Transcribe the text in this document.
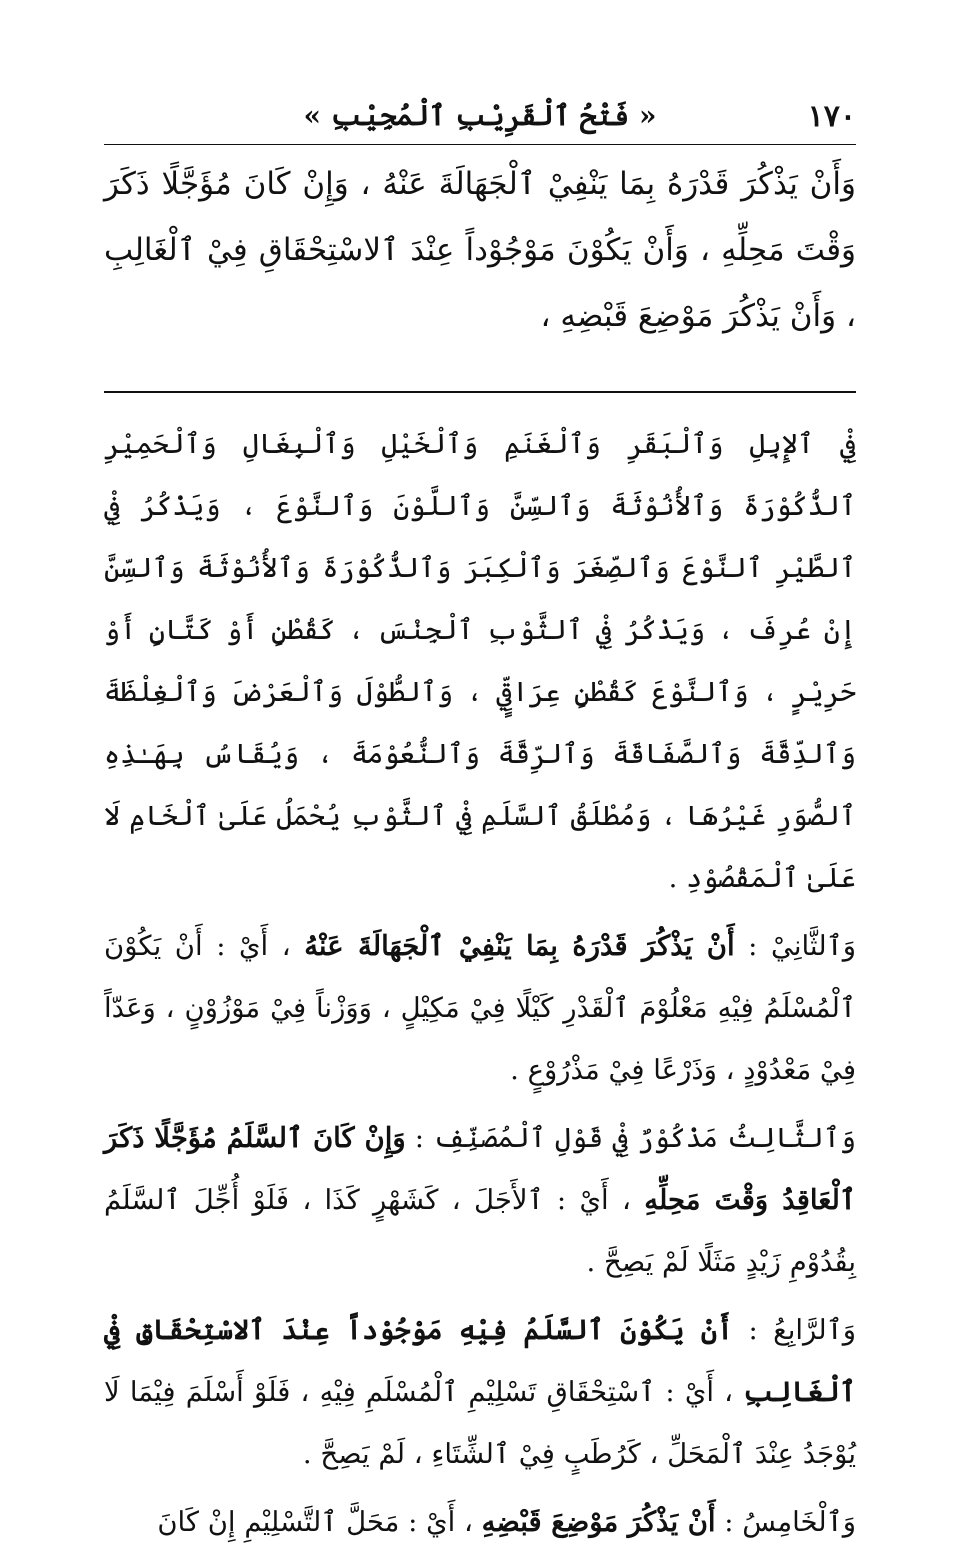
١٧٠
« فَتْحُ ٱلْقَرِيْبِ ٱلْمُجِيْبِ »
وَأَنْ يَذْكُرَ قَدْرَهُ بِمَا يَنْفِيْ ٱلْجَهَالَةَ عَنْهُ ، وَإِنْ كَانَ مُؤَجَّلًا ذَكَرَ وَقْتَ مَحِلِّهِ ، وَأَنْ يَكُوْنَ مَوْجُوْداً عِنْدَ ٱلاسْتِحْقَاقِ فِيْ ٱلْغَالِبِ ، وَأَنْ يَذْكُرَ مَوْضِعَ قَبْضِهِ ،

فِيْ ٱلإِبِلِ وَٱلْبَقَرِ وَٱلْغَنَمِ وَٱلْخَيْلِ وَٱلْبِغَالِ وَٱلْحَمِيْرِ ٱلذُّكُوْرَةَ وَٱلأُنُوْثَةَ وَٱلسِّنَّ وَٱللَّوْنَ وَٱلنَّوْعَ ، وَيَذْكُرُ فِيْ ٱلطَّيْرِ ٱلنَّوْعَ وَٱلصِّغَرَ وَٱلْكِبَرَ وَٱلذُّكُوْرَةَ وَٱلأُنُوْثَةَ وَٱلسِّنَّ إِنْ عُرِفَ ، وَيَذْكُرُ فِيْ ٱلثَّوْبِ ٱلْجِنْسَ ، كَقُطْنٍ أَوْ كَتَّانٍ أَوْ حَرِيْرٍ ، وَٱلنَّوْعَ كَقُطْنٍ عِرَاقِيٍّ ، وَٱلطُّوْلَ وَٱلْعَرْضَ وَٱلْغِلْظَةَ وَٱلدِّقَّةَ وَٱلصَّفَاقَةَ وَٱلرِّقَّةَ وَٱلنُّعُوْمَةَ ، وَيُقَاسُ بِهَـٰذِهِ ٱلصُّوَرِ غَيْرُهَا ، وَمُطْلَقُ ٱلسَّلَمِ فِيْ ٱلثَّوْبِ يُحْمَلُ عَلَىٰ ٱلْخَامِ لَا عَلَىٰ ٱلْمَقْصُوْدِ .

وَٱلثَّانِيْ : أَنْ يَذْكُرَ قَدْرَهُ بِمَا يَنْفِيْ ٱلْجَهَالَةَ عَنْهُ ، أَيْ : أَنْ يَكُوْنَ ٱلْمُسْلَمُ فِيْهِ مَعْلُوْمَ ٱلْقَدْرِ كَيْلًا فِيْ مَكِيْلٍ ، وَوَزْناً فِيْ مَوْزُوْنٍ ، وَعَدّاً فِيْ مَعْدُوْدٍ ، وَذَرْعًا فِيْ مَذْرُوْعٍ .

وَٱلثَّالِثُ مَذْكُوْرٌ فِيْ قَوْلِ ٱلْمُصَنِّفِ : وَإِنْ كَانَ ٱلسَّلَمُ مُؤَجَّلًا ذَكَرَ ٱلْعَاقِدُ وَقْتَ مَحِلِّهِ ، أَيْ : ٱلأَجَلَ ، كَشَهْرٍ كَذَا ، فَلَوْ أُجِّلَ ٱلسَّلَمُ بِقُدُوْمِ زَيْدٍ مَثَلًا لَمْ يَصِحَّ .

وَٱلرَّابِعُ : أَنْ يَكُوْنَ ٱلسَّلَمُ فِيْهِ مَوْجُوْداً عِنْدَ ٱلاسْتِحْقَاقِ فِيْ ٱلْغَالِبِ ، أَيْ : ٱسْتِحْقَاقِ تَسْلِيْمِ ٱلْمُسْلَمِ فِيْهِ ، فَلَوْ أَسْلَمَ فِيْمَا لَا يُوْجَدُ عِنْدَ ٱلْمَحَلِّ ، كَرُطَبٍ فِيْ ٱلشِّتَاءِ ، لَمْ يَصِحَّ .

وَٱلْخَامِسُ : أَنْ يَذْكُرَ مَوْضِعَ قَبْضِهِ ، أَيْ : مَحَلَّ ٱلتَّسْلِيْمِ إِنْ كَانَ
